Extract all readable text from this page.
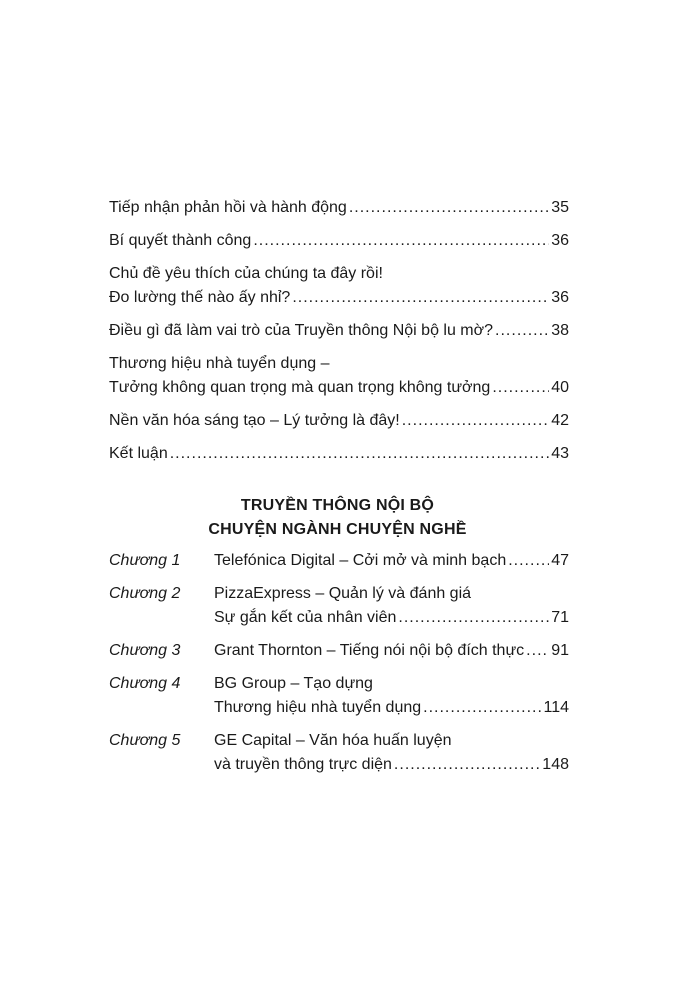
Tiếp nhận phản hồi và hành động .....	35
Bí quyết thành công .....	36
Chủ đề yêu thích của chúng ta đây rồi!
Đo lường thế nào ấy nhỉ? .....	36
Điều gì đã làm vai trò của Truyền thông Nội bộ lu mờ? .....	38
Thương hiệu nhà tuyển dụng –
Tưởng không quan trọng mà quan trọng không tưởng .....	40
Nền văn hóa sáng tạo – Lý tưởng là đây! .....	42
Kết luận .....	43
TRUYỀN THÔNG NỘI BỘ
CHUYỆN NGÀNH CHUYỆN NGHỀ
Chương 1	Telefónica Digital – Cởi mở và minh bạch .....	47
Chương 2	PizzaExpress – Quản lý và đánh giá
Sự gắn kết của nhân viên .....	71
Chương 3	Grant Thornton – Tiếng nói nội bộ đích thực ..... 91
Chương 4	BG Group – Tạo dựng
Thương hiệu nhà tuyển dụng .....	114
Chương 5	GE Capital – Văn hóa huấn luyện
và truyền thông trực diện .....	148
